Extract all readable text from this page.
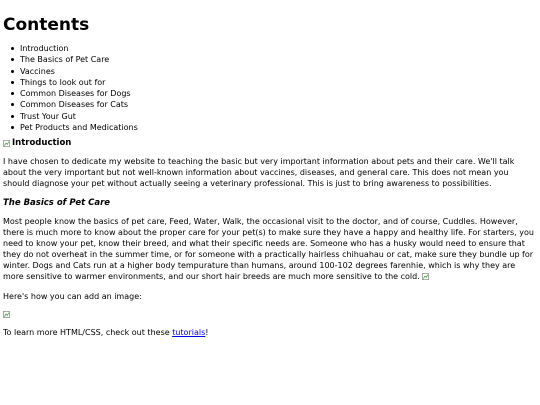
Contents
Introduction
The Basics of Pet Care
Vaccines
Things to look out for
Common Diseases for Dogs
Common Diseases for Cats
Trust Your Gut
Pet Products and Medications
Introduction

I have chosen to dedicate my website to teaching the basic but very important information about pets and their care. We'll talk about the very important but not well-known information about vaccines, diseases, and general care. This does not mean you should diagnose your pet without actually seeing a veterinary professional. This is just to bring awareness to possibilities.

The Basics of Pet Care

Most people know the basics of pet care, Feed, Water, Walk, the occasional visit to the doctor, and of course, Cuddles. However, there is much more to know about the proper care for your pet(s) to make sure they have a happy and healthy life. For starters, you need to know your pet, know their breed, and what their specific needs are. Someone who has a husky would need to ensure that they do not overheat in the summer time, or for someone with a practically hairless chihuahau or cat, make sure they bundle up for winter. Dogs and Cats run at a higher body tempurature than humans, around 100-102 degrees farenhie, which is why they are more sensitive to warmer environments, and our short hair breeds are much more sensitive to the cold.

Here's how you can add an image:

To learn more HTML/CSS, check out these tutorials!
